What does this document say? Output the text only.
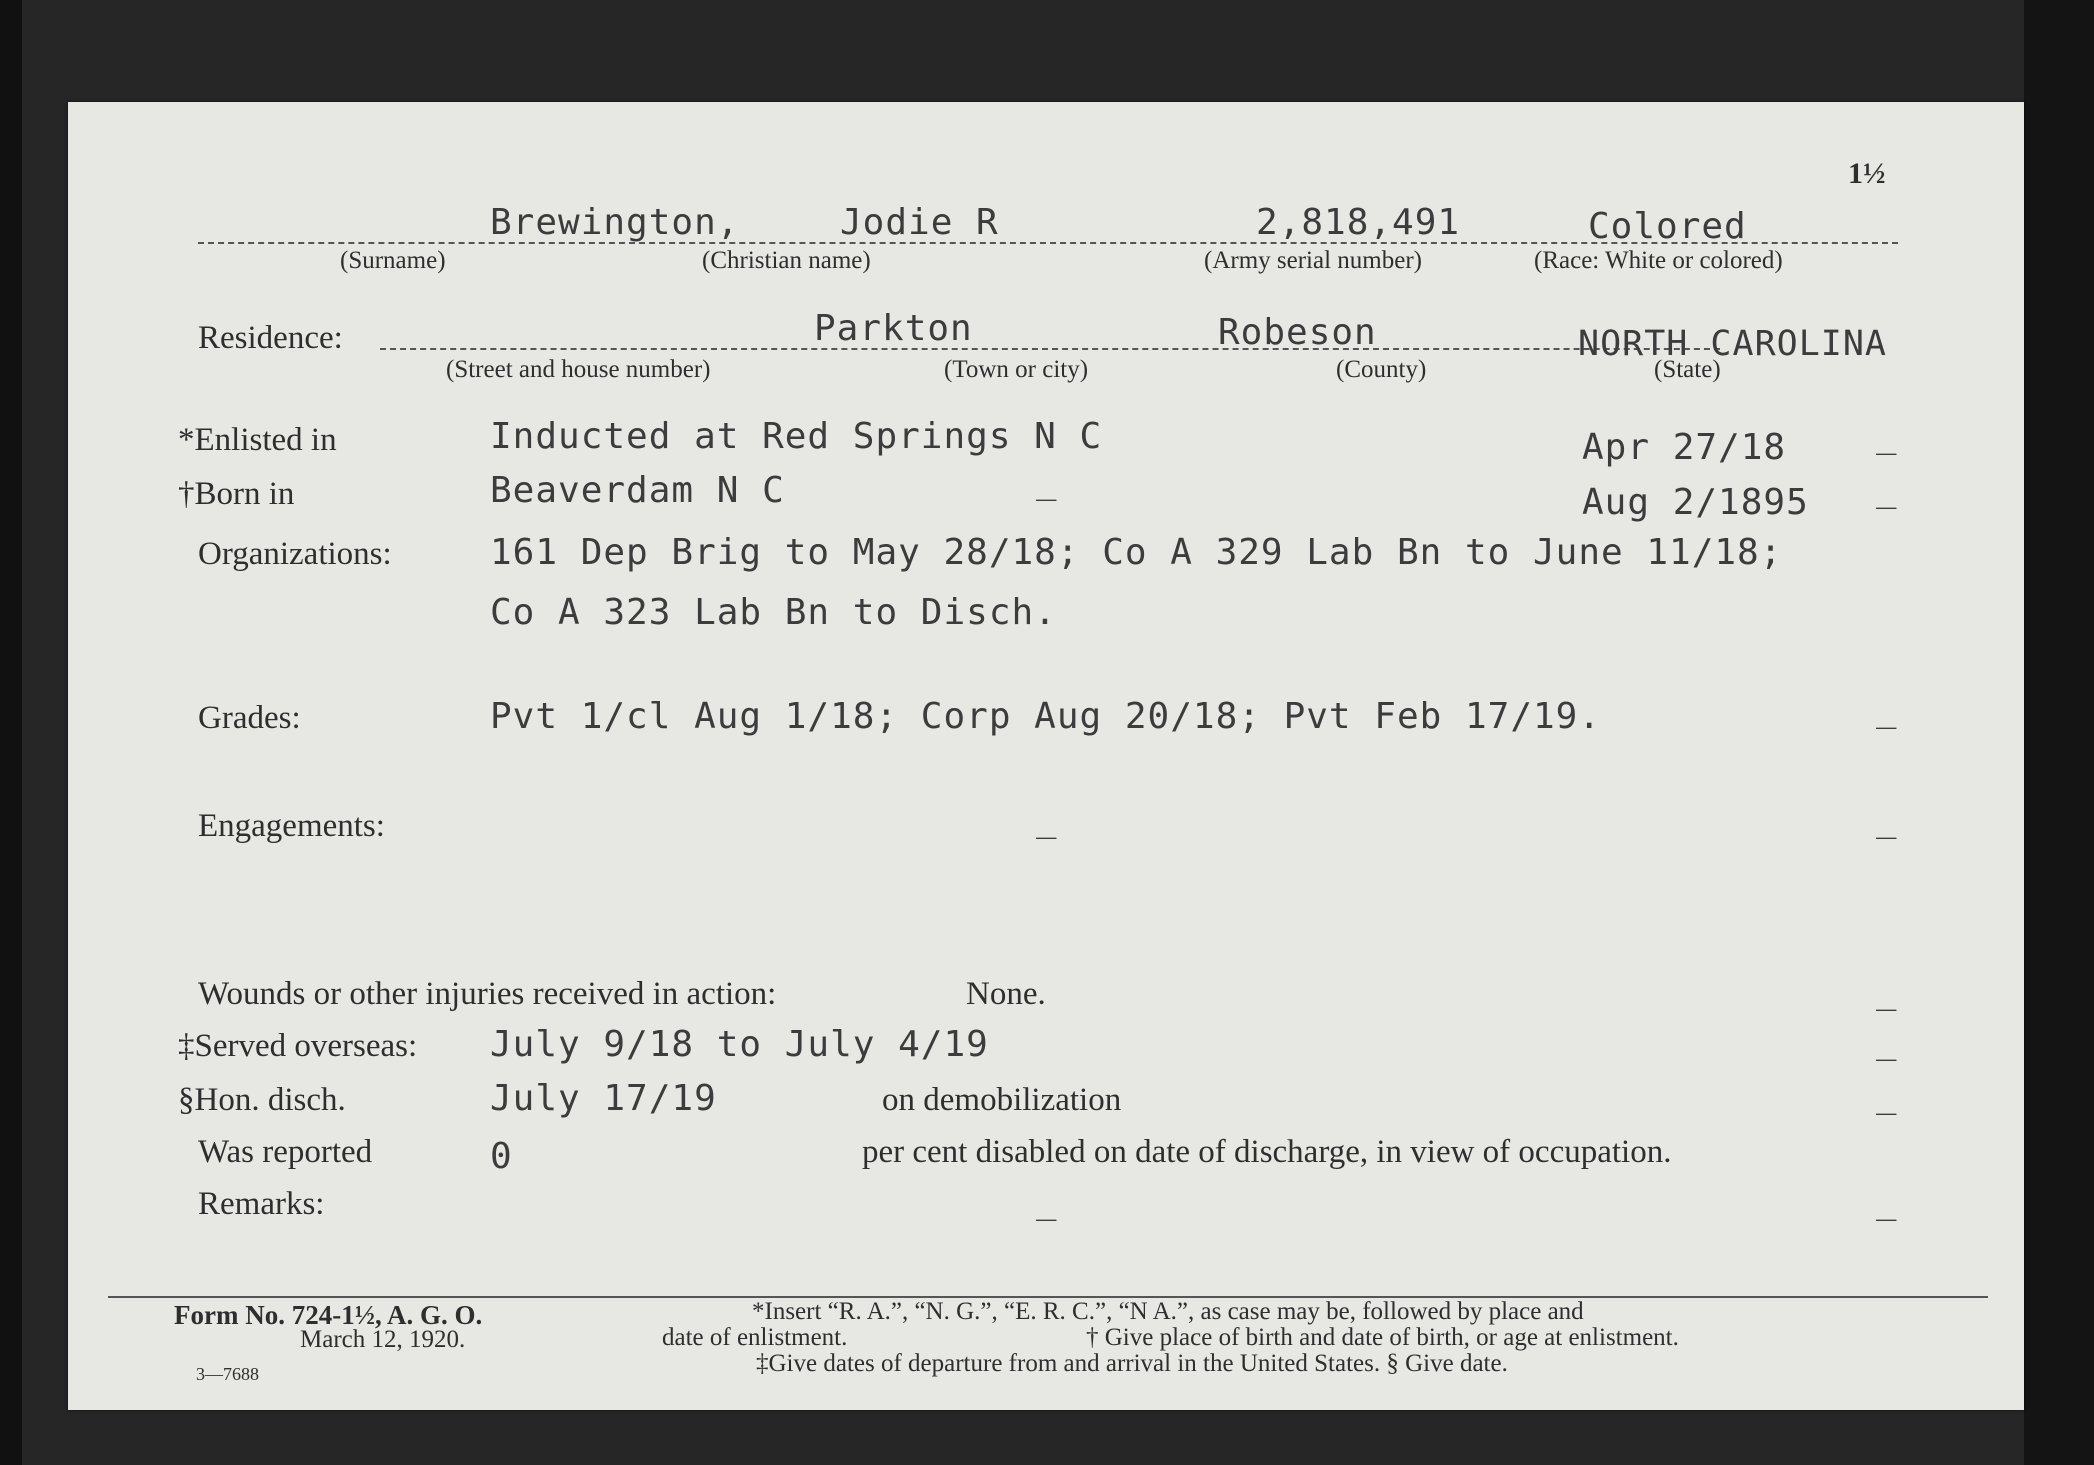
1½
Brewington,	Jodie R	2,818,491	Colored
(Surname)	(Christian name)	(Army serial number)	(Race: White or colored)
Residence:	Parkton	Robeson	NORTH CAROLINA
(Street and house number)	(Town or city)	(County)	(State)
*Enlisted in	Inducted at Red Springs N C	Apr 27/18	_
†Born in	Beaverdam N C	_	Aug 2/1895 _
Organizations:	161 Dep Brig to May 28/18; Co A 329 Lab Bn to June 11/18;
Co A 323 Lab Bn to Disch.
Grades:	Pvt 1/cl Aug 1/18; Corp Aug 20/18; Pvt Feb 17/19.	_
Engagements:	_	_
Wounds or other injuries received in action:	None.	_
‡Served overseas: July 9/18 to July 4/19	_
§Hon. disch.	July 17/19	on demobilization	_
Was reported	0	per cent disabled on date of discharge, in view of occupation.
Remarks:	_	_
Form No. 724-1½, A. G. O.
March 12, 1920.
3—7688
*Insert “R. A.”, “N. G.”, “E. R. C.”, “N A.”, as case may be, followed by place and
date of enlistment.	† Give place of birth and date of birth, or age at enlistment.
‡Give dates of departure from and arrival in the United States. § Give date.
